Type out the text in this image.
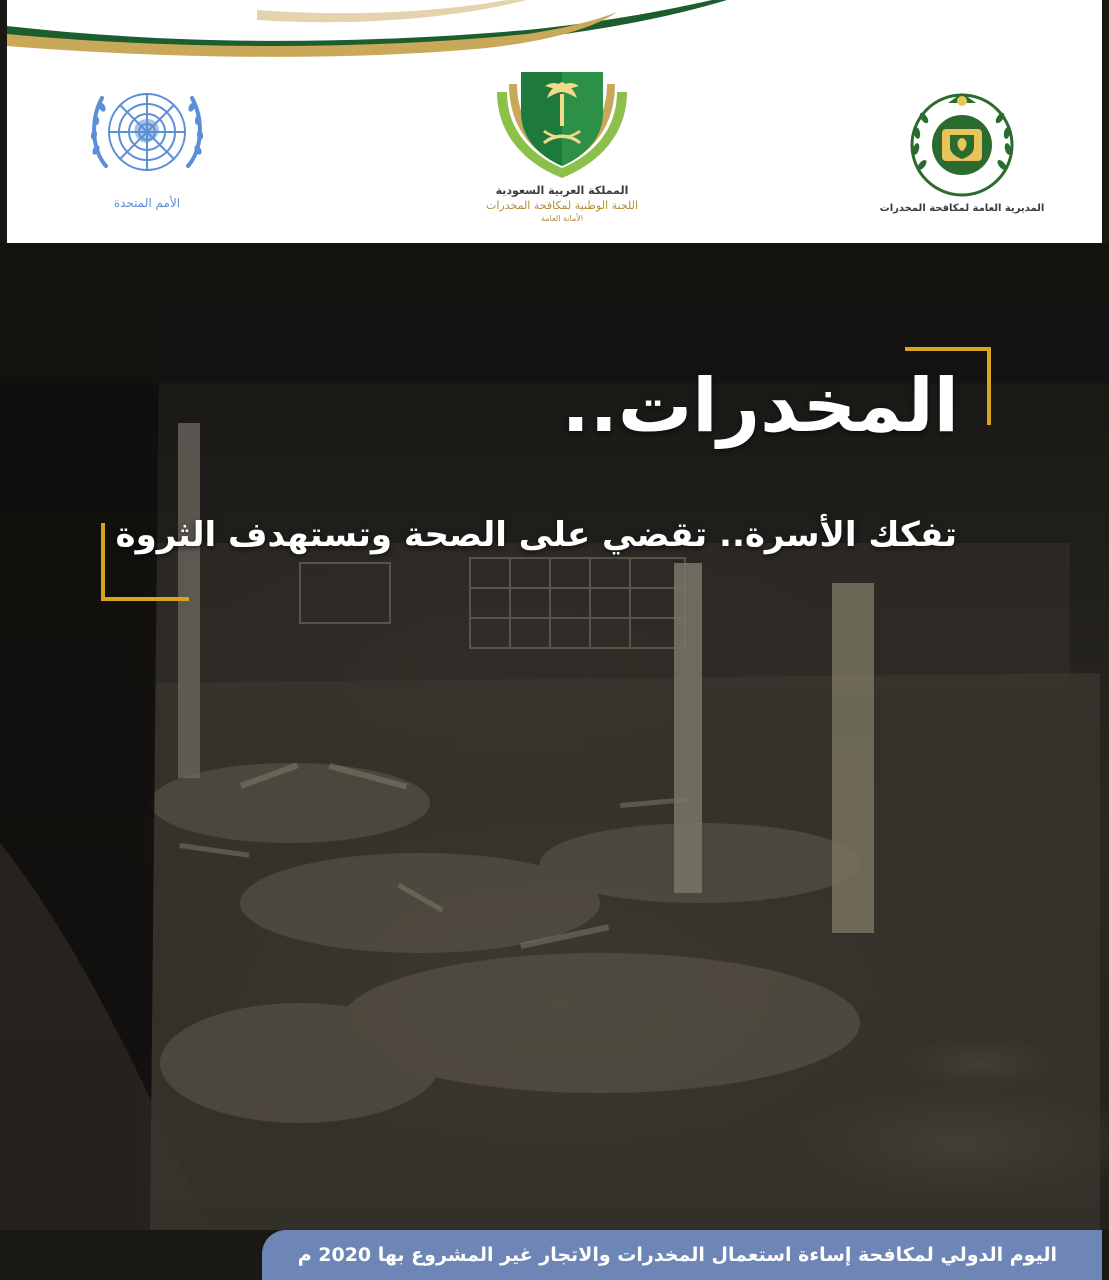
الأمم المتحدة
المملكة العربية السعودية
اللجنة الوطنية لمكافحة المخدرات
الأمانة العامة
المديرية العامة لمكافحة المخدرات
المخدرات..
تفكك الأسرة.. تقضي على الصحة وتستهدف الثروة
اليوم الدولي لمكافحة إساءة استعمال المخدرات والاتجار غير المشروع بها 2020 م
